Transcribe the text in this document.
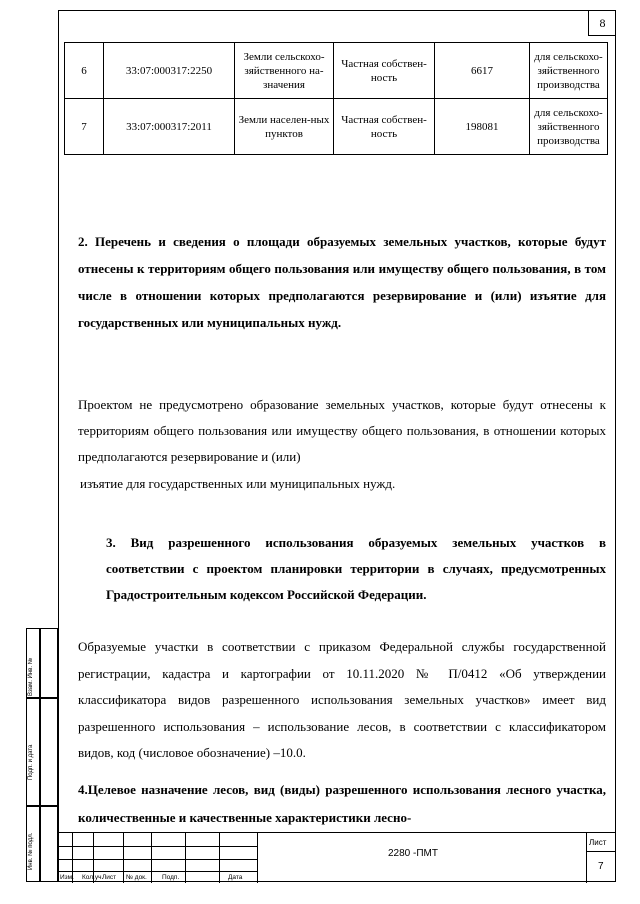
8
6	33:07:000317:2250	Земли сельскохо-зяйственного на-значения	Частная собствен-ность	6617	для сельскохо-зяйственного производства
7	33:07:000317:2011	Земли населен-ных пунктов	Частная собствен-ность	198081	для сельскохо-зяйственного производства
2. Перечень и сведения о площади образуемых земельных участков, которые будут отнесены к территориям общего пользования или имуществу общего пользования, в том числе в отношении которых предполагаются резервирование и (или) изъятие для государственных или муниципальных нужд.
Проектом не предусмотрено образование земельных участков, которые будут отнесены к территориям общего пользования или имуществу общего пользования, в отношении которых предполагаются резервирование и (или)
изъятие для государственных или муниципальных нужд.
3. Вид разрешенного использования образуемых земельных участков в соответствии с проектом планировки территории в случаях, предусмотренных Градостроительным кодексом Российской Федерации.
Образуемые участки в соответствии с приказом Федеральной службы государственной регистрации, кадастра и картографии от 10.11.2020 № П/0412 «Об утверждении классификатора видов разрешенного использования земельных участков» имеет вид разрешенного использования – использование лесов, в соответствии с классификатором видов, код (числовое обозначение) –10.0.
4.Целевое назначение лесов, вид (виды) разрешенного использования лесного участка, количественные и качественные характеристики лесно-
Взам. Инв. №
Подп. и дата
Инв. № подл.
Изм. Кол.уч.
Лист № док. Подп.	Дата
2280 -ПМТ
Лист
7
